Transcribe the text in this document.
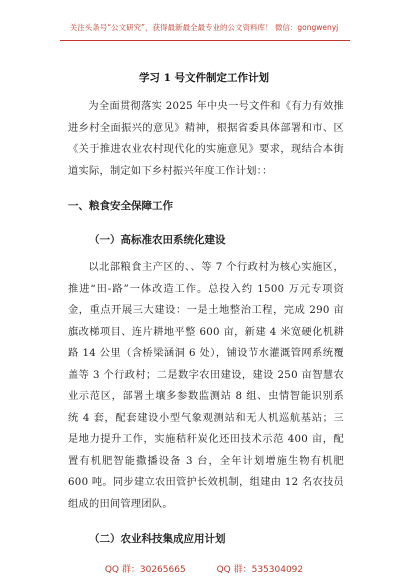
关注头条号“公文研究”，获得最新最全最专业的公文资料库！ 微信：gongwenyj
学习 1 号文件制定工作计划

为全面贯彻落实 2025 年中央一号文件和《有力有效推进乡村全面振兴的意见》精神，根据省委具体部署和市、区《关于推进农业农村现代化的实施意见》要求，现结合本街道实际，制定如下乡村振兴年度工作计划：：

一、粮食安全保障工作

（一）高标准农田系统化建设

以北部粮食主产区的、、等 7 个行政村为核心实施区，推进“田-路”一体改造工作。总投入约 1500 万元专项资金，重点开展三大建设：一是土地整治工程，完成 290 亩旗改梯项目、连片耕地平整 600 亩，新建 4 米宽硬化机耕路 14 公里（含桥梁涵洞 6 处），铺设节水灌溉管网系统覆盖等 3 个行政村；二是数字农田建设，建设 250 亩智慧农业示范区，部署土壤多参数监测站 8 组、虫情智能识别系统 4 套，配套建设小型气象观测站和无人机巡航基站；三是地力提升工作，实施秸秆炭化还田技术示范 400 亩，配置有机肥智能撒播设备 3 台，全年计划增施生物有机肥 600 吨。同步建立农田管护长效机制，组建由 12 名农技员组成的田间管理团队。

（二）农业科技集成应用计划

QQ 群：30265665	QQ 群：535304092
